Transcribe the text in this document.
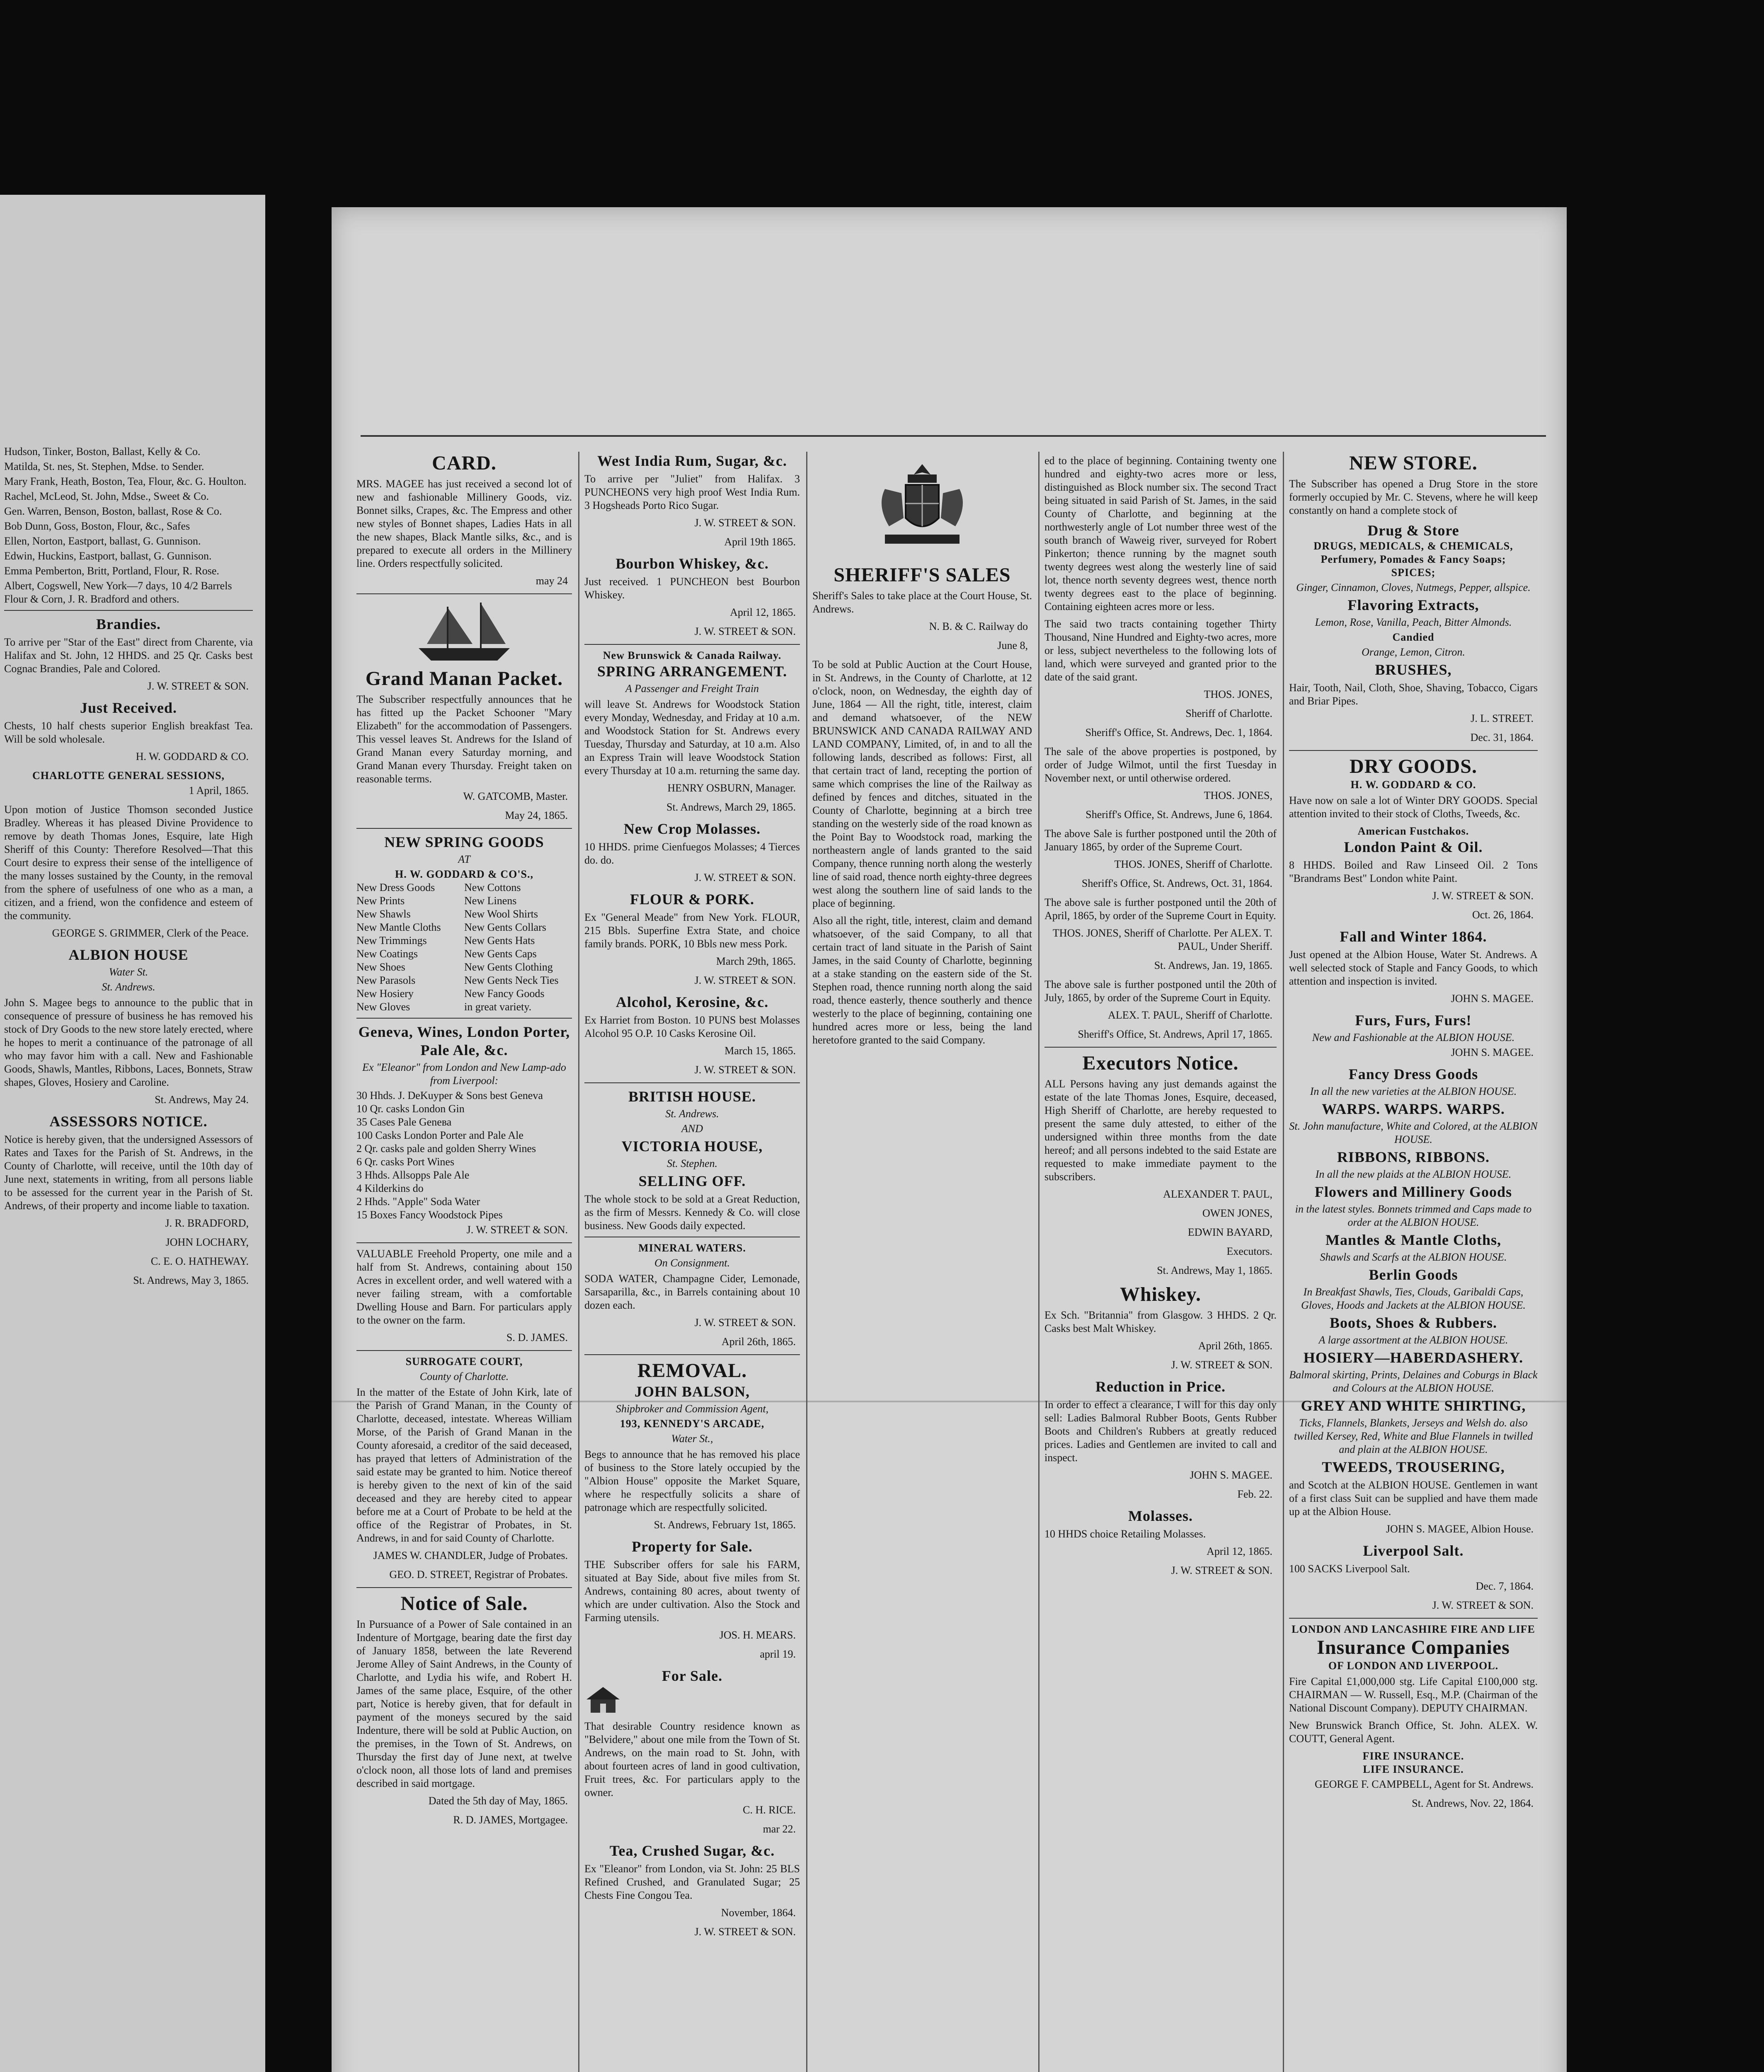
Hudson, Tinker, Boston, Ballast, Kelly & Co.
Matilda, St. nes, St. Stephen, Mdse. to Sender.
Mary Frank, Heath, Boston, Tea, Flour, &c. G. Houlton.
Rachel, McLeod, St. John, Mdse., Sweet & Co.
Gen. Warren, Benson, Boston, ballast, Rose & Co.
Bob Dunn, Goss, Boston, Flour, &c., Safes
Ellen, Norton, Eastport, ballast, G. Gunnison.
Edwin, Huckins, Eastport, ballast, G. Gunnison.
Emma Pemberton, Britt, Portland, Flour, R. Rose.
Albert, Cogswell, New York—7 days, 10 4/2 Barrels Flour & Corn, J. R. Bradford and others.
Brandies.
To arrive per "Star of the East" direct from Charente, via Halifax and St. John, 12 HHDS. and 25 Qr. Casks best Cognac Brandies, Pale and Colored.
J. W. STREET & SON.
Just Received.
Chests, 10 half chests superior English breakfast Tea. Will be sold wholesale.
H. W. GODDARD & CO.
CHARLOTTE GENERAL SESSIONS,
1 April, 1865.
Upon motion of Justice Thomson seconded Justice Bradley. Whereas it has pleased Divine Providence to remove by death Thomas Jones, Esquire, late High Sheriff of this County: Therefore Resolved—That this Court desire to express their sense of the intelligence of the many losses sustained by the County, in the removal from the sphere of usefulness of one who as a man, a citizen, and a friend, won the confidence and esteem of the community.
GEORGE S. GRIMMER, Clerk of the Peace.
ALBION HOUSE
Water St.
St. Andrews.
John S. Magee begs to announce to the public that in consequence of pressure of business he has removed his stock of Dry Goods to the new store lately erected, where he hopes to merit a continuance of the patronage of all who may favor him with a call. New and Fashionable Goods, Shawls, Mantles, Ribbons, Laces, Bonnets, Straw shapes, Gloves, Hosiery and Caroline.
St. Andrews, May 24.
ASSESSORS NOTICE.
Notice is hereby given, that the undersigned Assessors of Rates and Taxes for the Parish of St. Andrews, in the County of Charlotte, will receive, until the 10th day of June next, statements in writing, from all persons liable to be assessed for the current year in the Parish of St. Andrews, of their property and income liable to taxation.
J. R. BRADFORD,
JOHN LOCHARY,
C. E. O. HATHEWAY.
St. Andrews, May 3, 1865.
CARD.
MRS. MAGEE has just received a second lot of new and fashionable Millinery Goods, viz. Bonnet silks, Crapes, &c. The Empress and other new styles of Bonnet shapes, Ladies Hats in all the new shapes, Black Mantle silks, &c., and is prepared to execute all orders in the Millinery line. Orders respectfully solicited.
may 24
Grand Manan Packet.
The Subscriber respectfully announces that he has fitted up the Packet Schooner "Mary Elizabeth" for the accommodation of Passengers. This vessel leaves St. Andrews for the Island of Grand Manan every Saturday morning, and Grand Manan every Thursday. Freight taken on reasonable terms.
W. GATCOMB, Master.
May 24, 1865.
NEW SPRING GOODS
AT
H. W. GODDARD & CO'S.,
New Dress Goods	New Cottons
New Prints	New Linens
New Shawls	New Wool Shirts
New Mantle Cloths	New Gents Collars
New Trimmings	New Gents Hats
New Coatings	New Gents Caps
New Shoes	New Gents Clothing
New Parasols	New Gents Neck Ties
New Hosiery	New Fancy Goods
New Gloves	in great variety.
Geneva, Wines, London Porter, Pale Ale, &c.
Ex "Eleanor" from London and New Lamp-ado from Liverpool:
30 Hhds. J. DeKuyper & Sons best Geneva
10 Qr. casks London Gin
35 Cases Pale Genева
100 Casks London Porter and Pale Ale
2 Qr. casks pale and golden Sherry Wines
6 Qr. casks Port Wines
3 Hhds. Allsopps Pale Ale
4 Kilderkins do
2 Hhds. "Apple" Soda Water
15 Boxes Fancy Woodstock Pipes
J. W. STREET & SON.
VALUABLE Freehold Property, one mile and a half from St. Andrews, containing about 150 Acres in excellent order, and well watered with a never failing stream, with a comfortable Dwelling House and Barn. For particulars apply to the owner on the farm.
S. D. JAMES.
SURROGATE COURT,
County of Charlotte.
In the matter of the Estate of John Kirk, late of the Parish of Grand Manan, in the County of Charlotte, deceased, intestate. Whereas William Morse, of the Parish of Grand Manan in the County aforesaid, a creditor of the said deceased, has prayed that letters of Administration of the said estate may be granted to him. Notice thereof is hereby given to the next of kin of the said deceased and they are hereby cited to appear before me at a Court of Probate to be held at the office of the Registrar of Probates, in St. Andrews, in and for said County of Charlotte.
JAMES W. CHANDLER, Judge of Probates.
GEO. D. STREET, Registrar of Probates.
Notice of Sale.
In Pursuance of a Power of Sale contained in an Indenture of Mortgage, bearing date the first day of January 1858, between the late Reverend Jerome Alley of Saint Andrews, in the County of Charlotte, and Lydia his wife, and Robert H. James of the same place, Esquire, of the other part, Notice is hereby given, that for default in payment of the moneys secured by the said Indenture, there will be sold at Public Auction, on the premises, in the Town of St. Andrews, on Thursday the first day of June next, at twelve o'clock noon, all those lots of land and premises described in said mortgage.
Dated the 5th day of May, 1865.
R. D. JAMES, Mortgagee.
West India Rum, Sugar, &c.
To arrive per "Juliet" from Halifax. 3 PUNCHEONS very high proof West India Rum. 3 Hogsheads Porto Rico Sugar.
J. W. STREET & SON.
April 19th 1865.
Bourbon Whiskey, &c.
Just received. 1 PUNCHEON best Bourbon Whiskey.
April 12, 1865.
J. W. STREET & SON.
New Brunswick & Canada Railway.
SPRING ARRANGEMENT.
A Passenger and Freight Train
will leave St. Andrews for Woodstock Station every Monday, Wednesday, and Friday at 10 a.m. and Woodstock Station for St. Andrews every Tuesday, Thursday and Saturday, at 10 a.m. Also an Express Train will leave Woodstock Station every Thursday at 10 a.m. returning the same day.
HENRY OSBURN, Manager.
St. Andrews, March 29, 1865.
New Crop Molasses.
10 HHDS. prime Cienfuegos Molasses; 4 Tierces do. do.
J. W. STREET & SON.
FLOUR & PORK.
Ex "General Meade" from New York. FLOUR, 215 Bbls. Superfine Extra State, and choice family brands. PORK, 10 Bbls new mess Pork.
March 29th, 1865.
J. W. STREET & SON.
Alcohol, Kerosine, &c.
Ex Harriet from Boston. 10 PUNS best Molasses Alcohol 95 O.P. 10 Casks Kerosine Oil.
March 15, 1865.
J. W. STREET & SON.
BRITISH HOUSE.
St. Andrews.
AND
VICTORIA HOUSE,
St. Stephen.
SELLING OFF.
The whole stock to be sold at a Great Reduction, as the firm of Messrs. Kennedy & Co. will close business. New Goods daily expected.
MINERAL WATERS.
On Consignment.
SODA WATER, Champagne Cider, Lemonade, Sarsaparilla, &c., in Barrels containing about 10 dozen each.
J. W. STREET & SON.
April 26th, 1865.
REMOVAL.
JOHN BALSON,
Shipbroker and Commission Agent,
193, KENNEDY'S ARCADE,
Water St.,
Begs to announce that he has removed his place of business to the Store lately occupied by the "Albion House" opposite the Market Square, where he respectfully solicits a share of patronage which are respectfully solicited.
St. Andrews, February 1st, 1865.
Property for Sale.
THE Subscriber offers for sale his FARM, situated at Bay Side, about five miles from St. Andrews, containing 80 acres, about twenty of which are under cultivation. Also the Stock and Farming utensils.
JOS. H. MEARS.
april 19.
For Sale.
That desirable Country residence known as "Belvidere," about one mile from the Town of St. Andrews, on the main road to St. John, with about fourteen acres of land in good cultivation, Fruit trees, &c. For particulars apply to the owner.
C. H. RICE.
mar 22.
Tea, Crushed Sugar, &c.
Ex "Eleanor" from London, via St. John: 25 BLS Refined Crushed, and Granulated Sugar; 25 Chests Fine Congou Tea.
November, 1864.
J. W. STREET & SON.
SHERIFF'S SALES
Sheriff's Sales to take place at the Court House, St. Andrews.
N. B. & C. Railway do
June 8,
To be sold at Public Auction at the Court House, in St. Andrews, in the County of Charlotte, at 12 o'clock, noon, on Wednesday, the eighth day of June, 1864 — All the right, title, interest, claim and demand whatsoever, of the NEW BRUNSWICK AND CANADA RAILWAY AND LAND COMPANY, Limited, of, in and to all the following lands, described as follows: First, all that certain tract of land, recepting the portion of same which comprises the line of the Railway as defined by fences and ditches, situated in the County of Charlotte, beginning at a birch tree standing on the westerly side of the road known as the Point Bay to Woodstock road, marking the northeastern angle of lands granted to the said Company, thence running north along the westerly line of said road, thence north eighty-three degrees west along the southern line of said lands to the place of beginning.
Also all the right, title, interest, claim and demand whatsoever, of the said Company, to all that certain tract of land situate in the Parish of Saint James, in the said County of Charlotte, beginning at a stake standing on the eastern side of the St. Stephen road, thence running north along the said road, thence easterly, thence southerly and thence westerly to the place of beginning, containing one hundred acres more or less, being the land heretofore granted to the said Company.
ed to the place of beginning. Containing twenty one hundred and eighty-two acres more or less, distinguished as Block number six. The second Tract being situated in said Parish of St. James, in the said County of Charlotte, and beginning at the northwesterly angle of Lot number three west of the south branch of Waweig river, surveyed for Robert Pinkerton; thence running by the magnet south twenty degrees west along the westerly line of said lot, thence north seventy degrees west, thence north twenty degrees east to the place of beginning. Containing eighteen acres more or less.
The said two tracts containing together Thirty Thousand, Nine Hundred and Eighty-two acres, more or less, subject nevertheless to the following lots of land, which were surveyed and granted prior to the date of the said grant.
THOS. JONES,
Sheriff of Charlotte.
Sheriff's Office, St. Andrews, Dec. 1, 1864.
The sale of the above properties is postponed, by order of Judge Wilmot, until the first Tuesday in November next, or until otherwise ordered.
THOS. JONES,
Sheriff's Office, St. Andrews, June 6, 1864.
The above Sale is further postponed until the 20th of January 1865, by order of the Supreme Court.
THOS. JONES, Sheriff of Charlotte.
Sheriff's Office, St. Andrews, Oct. 31, 1864.
The above sale is further postponed until the 20th of April, 1865, by order of the Supreme Court in Equity.
THOS. JONES, Sheriff of Charlotte. Per ALEX. T. PAUL, Under Sheriff.
St. Andrews, Jan. 19, 1865.
The above sale is further postponed until the 20th of July, 1865, by order of the Supreme Court in Equity.
ALEX. T. PAUL, Sheriff of Charlotte.
Sheriff's Office, St. Andrews, April 17, 1865.
Executors Notice.
ALL Persons having any just demands against the estate of the late Thomas Jones, Esquire, deceased, High Sheriff of Charlotte, are hereby requested to present the same duly attested, to either of the undersigned within three months from the date hereof; and all persons indebted to the said Estate are requested to make immediate payment to the subscribers.
ALEXANDER T. PAUL,
OWEN JONES,
EDWIN BAYARD,
Executors.
St. Andrews, May 1, 1865.
Whiskey.
Ex Sch. "Britannia" from Glasgow. 3 HHDS. 2 Qr. Casks best Malt Whiskey.
April 26th, 1865.
J. W. STREET & SON.
Reduction in Price.
In order to effect a clearance, I will for this day only sell: Ladies Balmoral Rubber Boots, Gents Rubber Boots and Children's Rubbers at greatly reduced prices. Ladies and Gentlemen are invited to call and inspect.
JOHN S. MAGEE.
Feb. 22.
Molasses.
10 HHDS choice Retailing Molasses.
April 12, 1865.
J. W. STREET & SON.
NEW STORE.
The Subscriber has opened a Drug Store in the store formerly occupied by Mr. C. Stevens, where he will keep constantly on hand a complete stock of
Drug & Store
DRUGS, MEDICALS, & CHEMICALS, Perfumery, Pomades & Fancy Soaps;
SPICES;
Ginger, Cinnamon, Cloves, Nutmegs, Pepper, allspice.
Flavoring Extracts,
Lemon, Rose, Vanilla, Peach, Bitter Almonds.
Candied
Orange, Lemon, Citron.
BRUSHES,
Hair, Tooth, Nail, Cloth, Shoe, Shaving, Tobacco, Cigars and Briar Pipes.
J. L. STREET.
Dec. 31, 1864.
DRY GOODS.
H. W. GODDARD & CO.
Have now on sale a lot of Winter DRY GOODS. Special attention invited to their stock of Cloths, Tweeds, &c.
American Fustchakos.
London Paint & Oil.
8 HHDS. Boiled and Raw Linseed Oil. 2 Tons "Brandrams Best" London white Paint.
J. W. STREET & SON.
Oct. 26, 1864.
Fall and Winter 1864.
Just opened at the Albion House, Water St. Andrews. A well selected stock of Staple and Fancy Goods, to which attention and inspection is invited.
JOHN S. MAGEE.
Furs, Furs, Furs!
New and Fashionable at the ALBION HOUSE.
JOHN S. MAGEE.
Fancy Dress Goods
In all the new varieties at the ALBION HOUSE.
WARPS. WARPS. WARPS.
St. John manufacture, White and Colored, at the ALBION HOUSE.
RIBBONS, RIBBONS.
In all the new plaids at the ALBION HOUSE.
Flowers and Millinery Goods
in the latest styles. Bonnets trimmed and Caps made to order at the ALBION HOUSE.
Mantles & Mantle Cloths,
Shawls and Scarfs at the ALBION HOUSE.
Berlin Goods
In Breakfast Shawls, Ties, Clouds, Garibaldi Caps, Gloves, Hoods and Jackets at the ALBION HOUSE.
Boots, Shoes & Rubbers.
A large assortment at the ALBION HOUSE.
HOSIERY—HABERDASHERY.
Balmoral skirting, Prints, Delaines and Coburgs in Black and Colours at the ALBION HOUSE.
GREY AND WHITE SHIRTING,
Ticks, Flannels, Blankets, Jerseys and Welsh do. also twilled Kersey, Red, White and Blue Flannels in twilled and plain at the ALBION HOUSE.
TWEEDS, TROUSERING,
and Scotch at the ALBION HOUSE. Gentlemen in want of a first class Suit can be supplied and have them made up at the Albion House.
JOHN S. MAGEE, Albion House.
Liverpool Salt.
100 SACKS Liverpool Salt.
Dec. 7, 1864.
J. W. STREET & SON.
LONDON AND LANCASHIRE FIRE AND LIFE
Insurance Companies
OF LONDON AND LIVERPOOL.
Fire Capital £1,000,000 stg. Life Capital £100,000 stg. CHAIRMAN — W. Russell, Esq., M.P. (Chairman of the National Discount Company). DEPUTY CHAIRMAN.
New Brunswick Branch Office, St. John. ALEX. W. COUTT, General Agent.
FIRE INSURANCE.
LIFE INSURANCE.
GEORGE F. CAMPBELL, Agent for St. Andrews.
St. Andrews, Nov. 22, 1864.
